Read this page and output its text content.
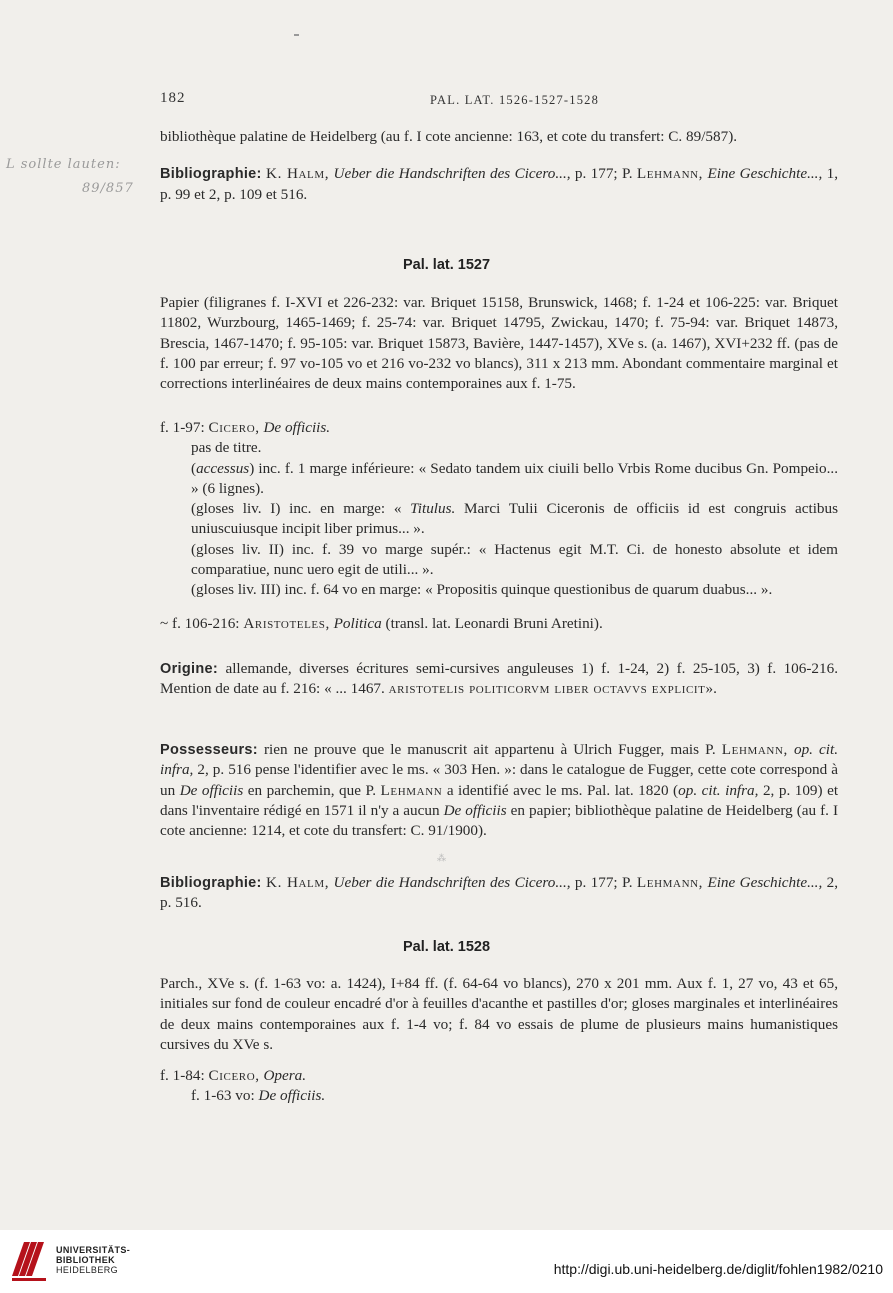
182	PAL. LAT. 1526-1527-1528
L sollte lauten:
89/857

bibliothèque palatine de Heidelberg (au f. I cote ancienne: 163, et cote du transfert: C. 89/587).

Bibliographie: K. Halm, Ueber die Handschriften des Cicero..., p. 177; P. Lehmann, Eine Geschichte..., 1, p. 99 et 2, p. 109 et 516.

Pal. lat. 1527

Papier (filigranes f. I-XVI et 226-232: var. Briquet 15158, Brunswick, 1468; f. 1-24 et 106-225: var. Briquet 11802, Wurzbourg, 1465-1469; f. 25-74: var. Briquet 14795, Zwickau, 1470; f. 75-94: var. Briquet 14873, Brescia, 1467-1470; f. 95-105: var. Briquet 15873, Bavière, 1447-1457), XVe s. (a. 1467), XVI+232 ff. (pas de f. 100 par erreur; f. 97 vo-105 vo et 216 vo-232 vo blancs), 311 x 213 mm. Abondant commentaire marginal et corrections interlinéaires de deux mains contemporaines aux f. 1-75.

f. 1-97: Cicero, De officiis.

pas de titre.

(accessus) inc. f. 1 marge inférieure: « Sedato tandem uix ciuili bello Vrbis Rome ducibus Gn. Pompeio... » (6 lignes).

(gloses liv. I) inc. en marge: « Titulus. Marci Tulii Ciceronis de officiis id est congruis actibus uniuscuiusque incipit liber primus... ».

(gloses liv. II) inc. f. 39 vo marge supér.: « Hactenus egit M.T. Ci. de honesto absolute et idem comparatiue, nunc uero egit de utili... ».

(gloses liv. III) inc. f. 64 vo en marge: « Propositis quinque questionibus de quarum duabus... ».

~ f. 106-216: Aristoteles, Politica (transl. lat. Leonardi Bruni Aretini).

Origine: allemande, diverses écritures semi-cursives anguleuses 1) f. 1-24, 2) f. 25-105, 3) f. 106-216. Mention de date au f. 216: « ... 1467. aristotelis politicorvm liber octavvs explicit».

Possesseurs: rien ne prouve que le manuscrit ait appartenu à Ulrich Fugger, mais P. Lehmann, op. cit. infra, 2, p. 516 pense l'identifier avec le ms. « 303 Hen. »: dans le catalogue de Fugger, cette cote correspond à un De officiis en parchemin, que P. Lehmann a identifié avec le ms. Pal. lat. 1820 (op. cit. infra, 2, p. 109) et dans l'inventaire rédigé en 1571 il n'y a aucun De officiis en papier; bibliothèque palatine de Heidelberg (au f. I cote ancienne: 1214, et cote du transfert: C. 91/1900).

⁂

Bibliographie: K. Halm, Ueber die Handschriften des Cicero..., p. 177; P. Lehmann, Eine Geschichte..., 2, p. 516.

Pal. lat. 1528

Parch., XVe s. (f. 1-63 vo: a. 1424), I+84 ff. (f. 64-64 vo blancs), 270 x 201 mm. Aux f. 1, 27 vo, 43 et 65, initiales sur fond de couleur encadré d'or à feuilles d'acanthe et pastilles d'or; gloses marginales et interlinéaires de deux mains contemporaines aux f. 1-4 vo; f. 84 vo essais de plume de plusieurs mains humanistiques cursives du XVe s.

f. 1-84: Cicero, Opera.

f. 1-63 vo: De officiis.

UNIVERSITÄTS-
BIBLIOTHEK
HEIDELBERG	http://digi.ub.uni-heidelberg.de/diglit/fohlen1982/0210
